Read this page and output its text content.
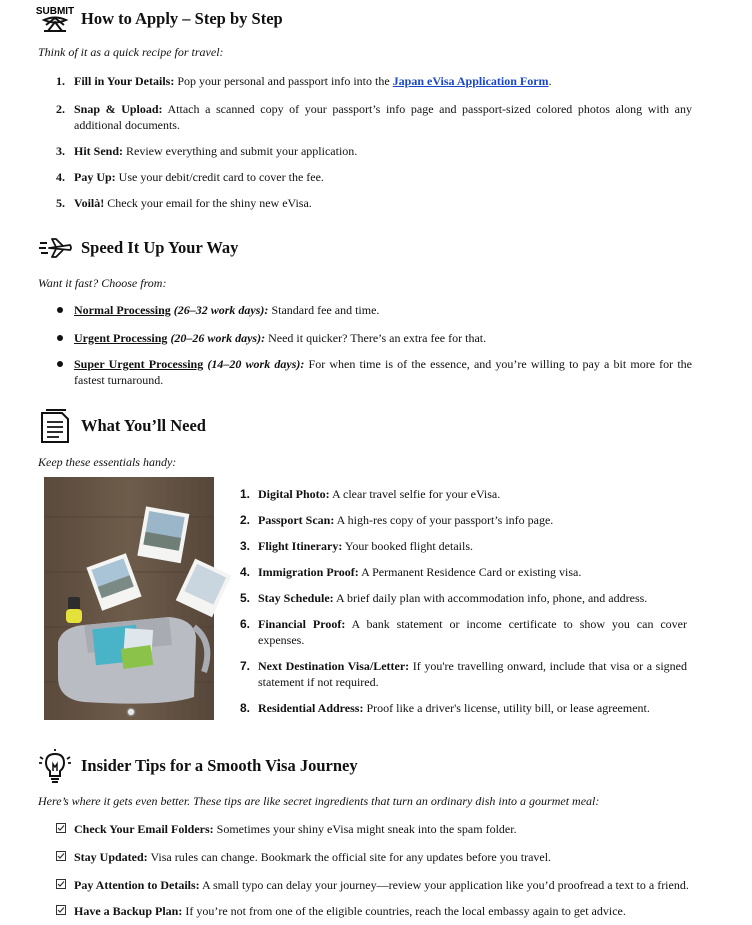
SUBMIT How to Apply – Step by Step
Think of it as a quick recipe for travel:
1. Fill in Your Details: Pop your personal and passport info into the Japan eVisa Application Form.
2. Snap & Upload: Attach a scanned copy of your passport’s info page and passport-sized colored photos along with any additional documents.
3. Hit Send: Review everything and submit your application.
4. Pay Up: Use your debit/credit card to cover the fee.
5. Voilà! Check your email for the shiny new eVisa.
Speed It Up Your Way
Want it fast? Choose from:
Normal Processing (26–32 work days): Standard fee and time.
Urgent Processing (20–26 work days): Need it quicker? There’s an extra fee for that.
Super Urgent Processing (14–20 work days): For when time is of the essence, and you’re willing to pay a bit more for the fastest turnaround.
What You’ll Need
Keep these essentials handy:
1. Digital Photo: A clear travel selfie for your eVisa.
2. Passport Scan: A high-res copy of your passport’s info page.
3. Flight Itinerary: Your booked flight details.
4. Immigration Proof: A Permanent Residence Card or existing visa.
5. Stay Schedule: A brief daily plan with accommodation info, phone, and address.
6. Financial Proof: A bank statement or income certificate to show you can cover expenses.
7. Next Destination Visa/Letter: If you're travelling onward, include that visa or a signed statement if not required.
8. Residential Address: Proof like a driver's license, utility bill, or lease agreement.
Insider Tips for a Smooth Visa Journey
Here’s where it gets even better. These tips are like secret ingredients that turn an ordinary dish into a gourmet meal:
Check Your Email Folders: Sometimes your shiny eVisa might sneak into the spam folder.
Stay Updated: Visa rules can change. Bookmark the official site for any updates before you travel.
Pay Attention to Details: A small typo can delay your journey—review your application like you’d proofread a text to a friend.
Have a Backup Plan: If you’re not from one of the eligible countries, reach the local embassy again to get advice.
